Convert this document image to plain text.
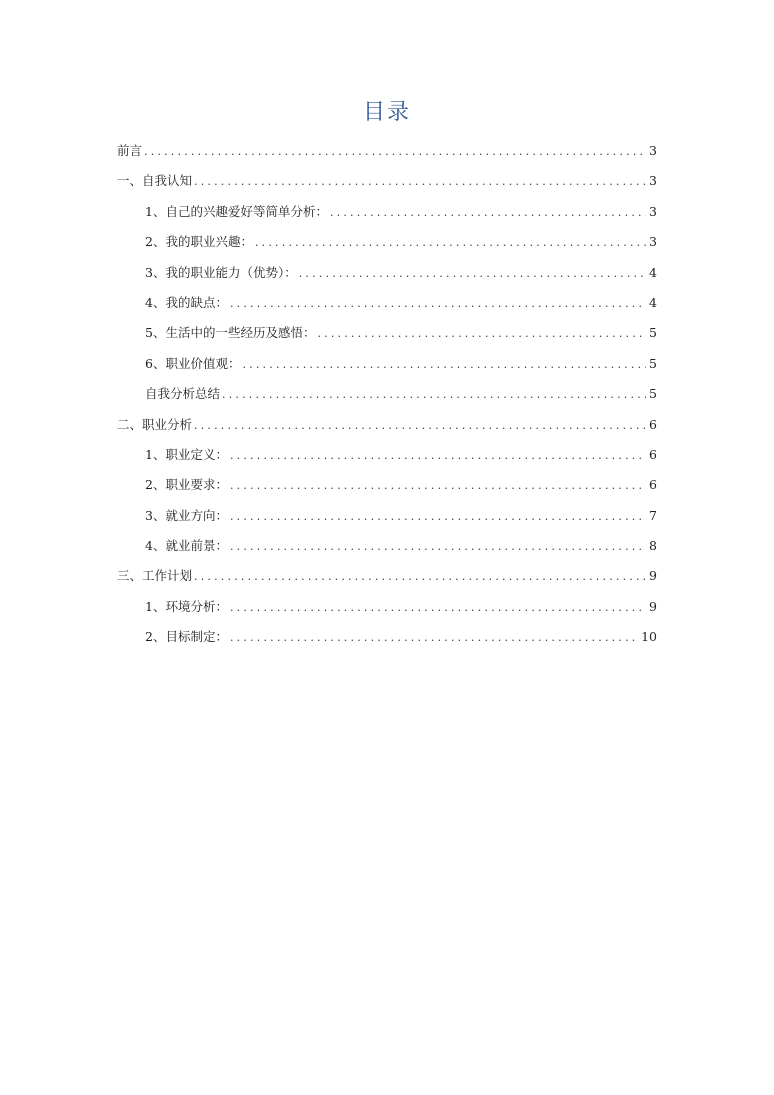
目录
前言 .....	3
一、自我认知 .....	3
1、自己的兴趣爱好等简单分析： .....	3
2、我的职业兴趣： .....	3
3、我的职业能力（优势）： .....	4
4、我的缺点： .....	4
5、生活中的一些经历及感悟： .....	5
6、职业价值观： .....	5
自我分析总结 .....	5
二、职业分析 .....	6
1、职业定义： .....	6
2、职业要求： .....	6
3、就业方向： .....	7
4、就业前景： .....	8
三、工作计划 .....	9
1、环境分析： .....	9
2、目标制定： .....	10
